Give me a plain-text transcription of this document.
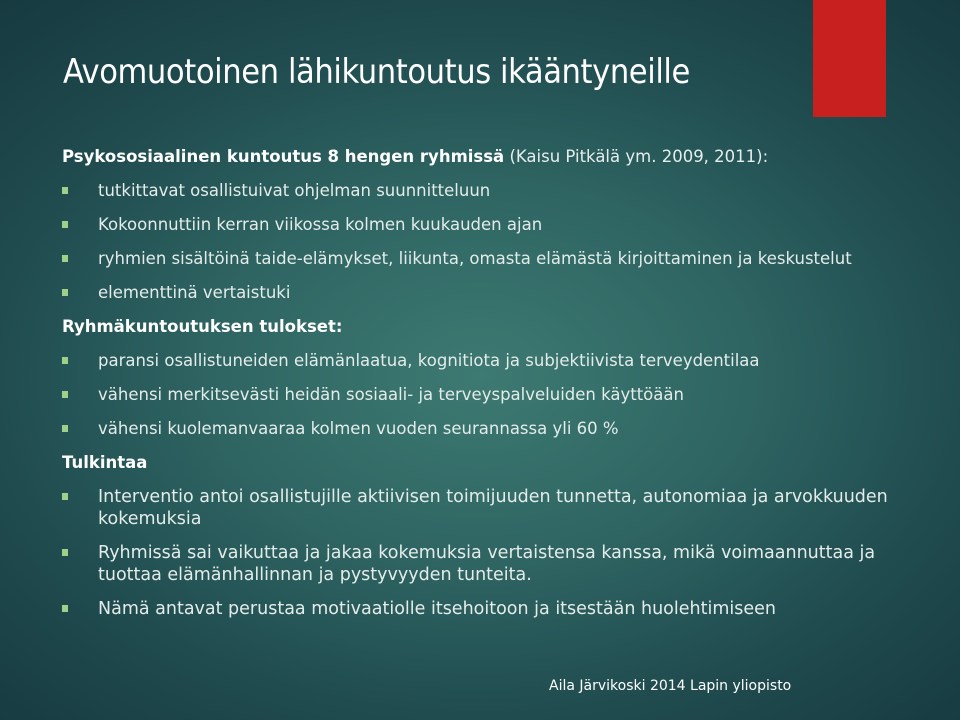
Avomuotoinen lähikuntoutus ikääntyneille
Psykososiaalinen kuntoutus 8 hengen ryhmissä (Kaisu Pitkälä ym. 2009, 2011):
tutkittavat osallistuivat ohjelman suunnitteluun
Kokoonnuttiin kerran viikossa kolmen kuukauden ajan
ryhmien sisältöinä taide-elämykset, liikunta, omasta elämästä kirjoittaminen ja keskustelut
elementtinä vertaistuki
Ryhmäkuntoutuksen tulokset:
paransi osallistuneiden elämänlaatua, kognitiota ja subjektiivista terveydentilaa
vähensi merkitsevästi heidän sosiaali- ja terveyspalveluiden käyttöään
vähensi kuolemanvaaraa kolmen vuoden seurannassa yli 60 %
Tulkintaa
Interventio antoi osallistujille aktiivisen toimijuuden tunnetta, autonomiaa ja arvokkuuden kokemuksia
Ryhmissä sai vaikuttaa ja jakaa kokemuksia vertaistensa kanssa, mikä voimaannuttaa ja tuottaa elämänhallinnan ja pystyvyyden tunteita.
Nämä antavat perustaa motivaatiolle itsehoitoon ja itsestään huolehtimiseen
Aila Järvikoski 2014 Lapin yliopisto
